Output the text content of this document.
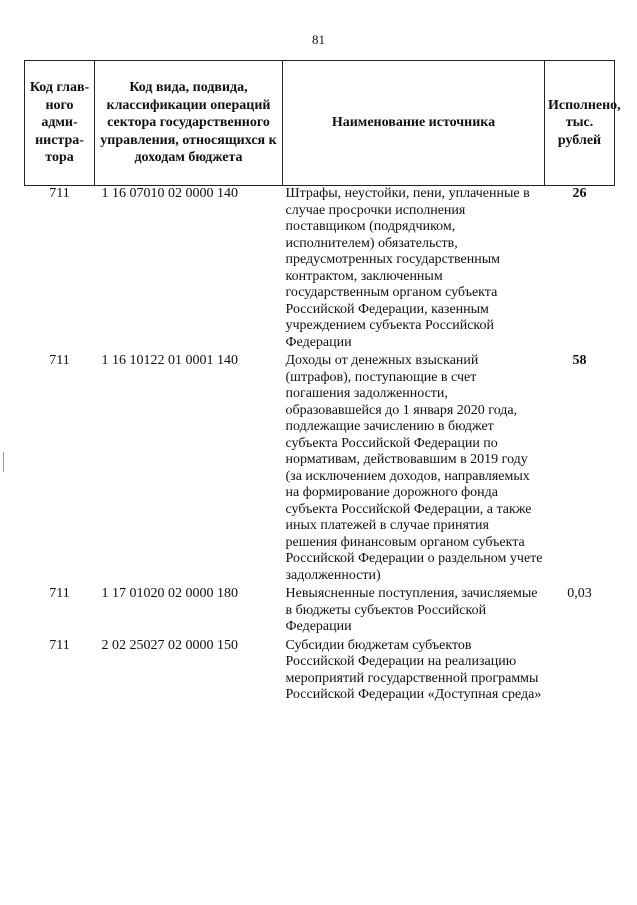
81
Код глав-ного адми-нистра-тора	Код вида, подвида, классификации операций сектора государственного управления, относящихся к доходам бюджета	Наименование источника	Исполнено, тыс. рублей
711	1 16 07010 02 0000 140	Штрафы, неустойки, пени, уплаченные в случае просрочки исполнения поставщиком (подрядчиком, исполнителем) обязательств, предусмотренных государственным контрактом, заключенным государственным органом субъекта Российской Федерации, казенным учреждением субъекта Российской Федерации	26
711	1 16 10122 01 0001 140	Доходы от денежных взысканий (штрафов), поступающие в счет погашения задолженности, образовавшейся до 1 января 2020 года, подлежащие зачислению в бюджет субъекта Российской Федерации по нормативам, действовавшим в 2019 году (за исключением доходов, направляемых на формирование дорожного фонда субъекта Российской Федерации, а также иных платежей в случае принятия решения финансовым органом субъекта Российской Федерации о раздельном учете задолженности)	58
711	1 17 01020 02 0000 180	Невыясненные поступления, зачисляемые в бюджеты субъектов Российской Федерации	0,03
711	2 02 25027 02 0000 150	Субсидии бюджетам субъектов Российской Федерации на реализацию мероприятий государственной программы Российской Федерации «Доступная среда»	
